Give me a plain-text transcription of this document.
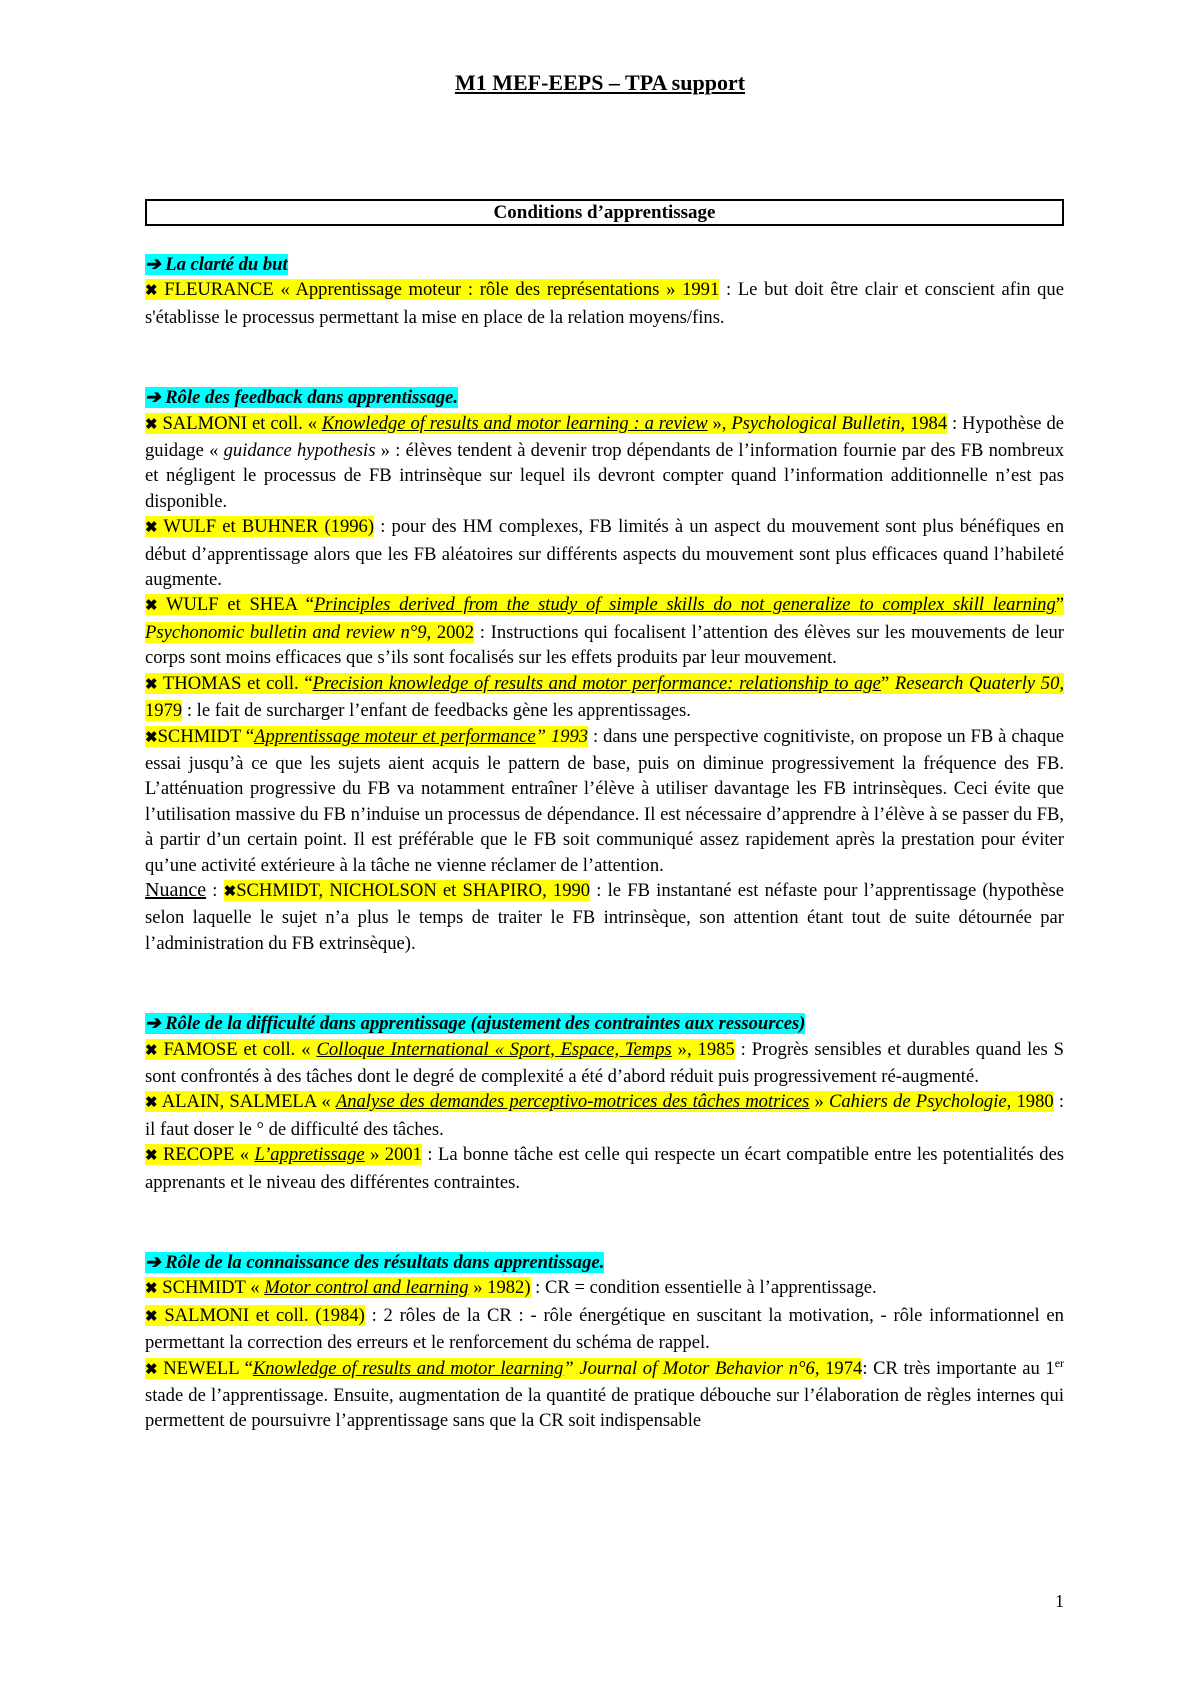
M1 MEF-EEPS – TPA support
Conditions d’apprentissage
➔ La clarté du but

✖ FLEURANCE « Apprentissage moteur : rôle des représentations » 1991 : Le but doit être clair et conscient afin que s'établisse le processus permettant la mise en place de la relation moyens/fins.

➔ Rôle des feedback dans apprentissage.

✖ SALMONI et coll. « Knowledge of results and motor learning : a review », Psychological Bulletin, 1984 : Hypothèse de guidage « guidance hypothesis » : élèves tendent à devenir trop dépendants de l’information fournie par des FB nombreux et négligent le processus de FB intrinsèque sur lequel ils devront compter quand l’information additionnelle n’est pas disponible.

✖ WULF et BUHNER (1996) : pour des HM complexes, FB limités à un aspect du mouvement sont plus bénéfiques en début d’apprentissage alors que les FB aléatoires sur différents aspects du mouvement sont plus efficaces quand l’habileté augmente.

✖ WULF et SHEA “Principles derived from the study of simple skills do not generalize to complex skill learning” Psychonomic bulletin and review n°9, 2002 : Instructions qui focalisent l’attention des élèves sur les mouvements de leur corps sont moins efficaces que s’ils sont focalisés sur les effets produits par leur mouvement.

✖ THOMAS et coll. “Precision knowledge of results and motor performance: relationship to age” Research Quaterly 50, 1979 : le fait de surcharger l’enfant de feedbacks gène les apprentissages.

✖SCHMIDT “Apprentissage moteur et performance” 1993 : dans une perspective cognitiviste, on propose un FB à chaque essai jusqu’à ce que les sujets aient acquis le pattern de base, puis on diminue progressivement la fréquence des FB. L’atténuation progressive du FB va notamment entraîner l’élève à utiliser davantage les FB intrinsèques. Ceci évite que l’utilisation massive du FB n’induise un processus de dépendance. Il est nécessaire d’apprendre à l’élève à se passer du FB, à partir d’un certain point. Il est préférable que le FB soit communiqué assez rapidement après la prestation pour éviter qu’une activité extérieure à la tâche ne vienne réclamer de l’attention.

Nuance : ✖SCHMIDT, NICHOLSON et SHAPIRO, 1990 : le FB instantané est néfaste pour l’apprentissage (hypothèse selon laquelle le sujet n’a plus le temps de traiter le FB intrinsèque, son attention étant tout de suite détournée par l’administration du FB extrinsèque).

➔ Rôle de la difficulté dans apprentissage (ajustement des contraintes aux ressources)

✖ FAMOSE et coll. « Colloque International « Sport, Espace, Temps », 1985 : Progrès sensibles et durables quand les S sont confrontés à des tâches dont le degré de complexité a été d’abord réduit puis progressivement ré-augmenté.

✖ ALAIN, SALMELA « Analyse des demandes perceptivo-motrices des tâches motrices » Cahiers de Psychologie, 1980 : il faut doser le ° de difficulté des tâches.

✖ RECOPE « L’appretissage » 2001 : La bonne tâche est celle qui respecte un écart compatible entre les potentialités des apprenants et le niveau des différentes contraintes.

➔ Rôle de la connaissance des résultats dans apprentissage.

✖ SCHMIDT « Motor control and learning » 1982) : CR = condition essentielle à l’apprentissage.

✖ SALMONI et coll. (1984) : 2 rôles de la CR : - rôle énergétique en suscitant la motivation, - rôle informationnel en permettant la correction des erreurs et le renforcement du schéma de rappel.

✖ NEWELL “Knowledge of results and motor learning” Journal of Motor Behavior n°6, 1974: CR très importante au 1er stade de l’apprentissage. Ensuite, augmentation de la quantité de pratique débouche sur l’élaboration de règles internes qui permettent de poursuivre l’apprentissage sans que la CR soit indispensable

1
